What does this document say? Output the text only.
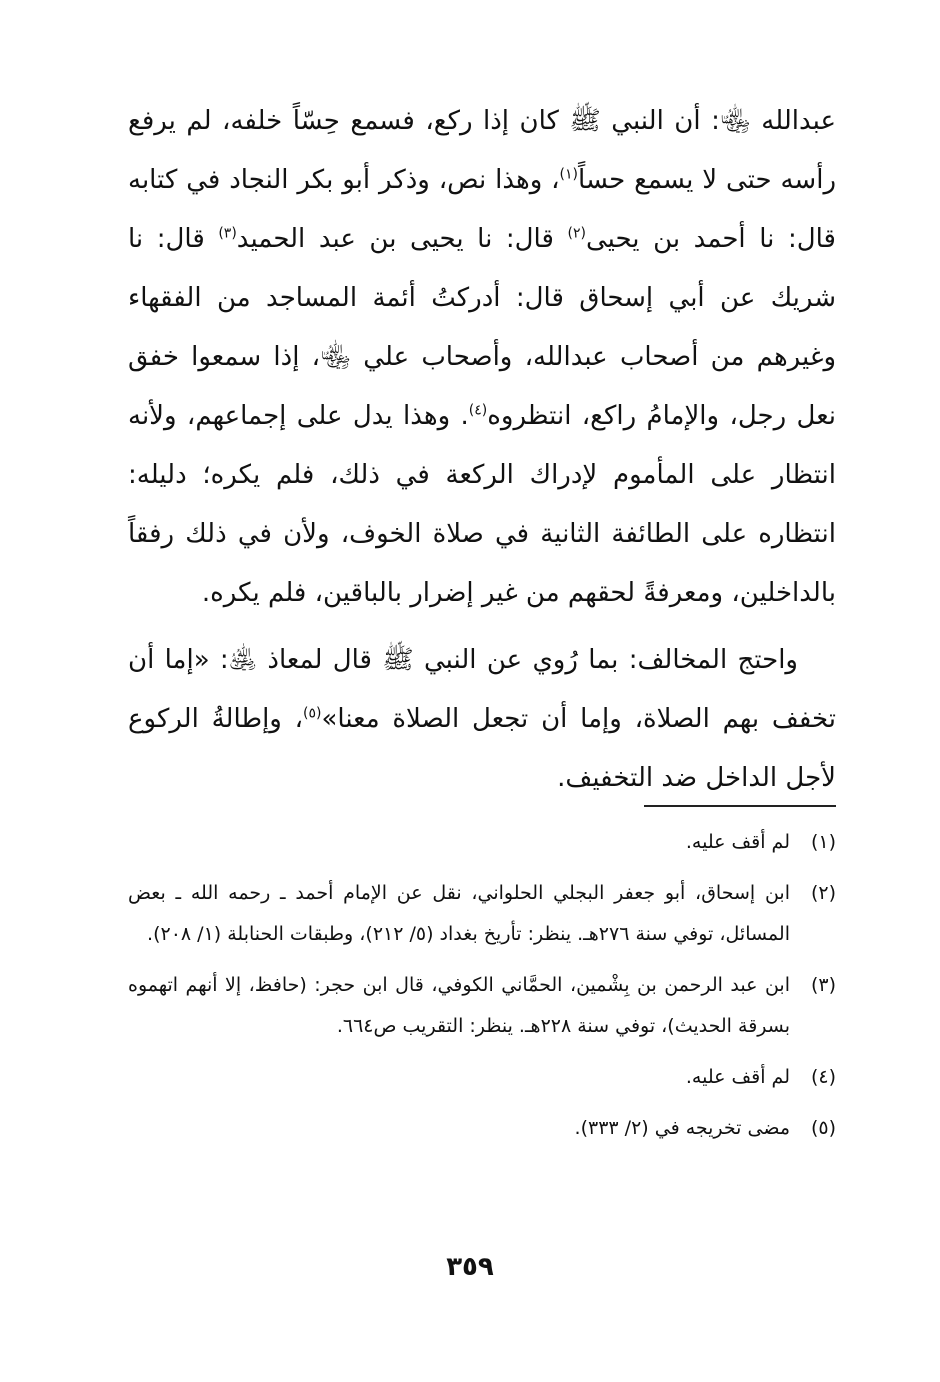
عبدالله ﵄: أن النبي ﷺ كان إذا ركع، فسمع حِسّاً خلفه، لم يرفع رأسه حتى لا يسمع حساً$^{(١)}$، وهذا نص، وذكر أبو بكر النجاد في كتابه قال: نا أحمد بن يحيى$^{(٢)}$ قال: نا يحيى بن عبد الحميد$^{(٣)}$ قال: نا شريك عن أبي إسحاق قال: أدركتُ أئمة المساجد من الفقهاء وغيرهم من أصحاب عبدالله، وأصحاب علي ﵄، إذا سمعوا خفق نعل رجل، والإمامُ راكع، انتظروه$^{(٤)}$. وهذا يدل على إجماعهم، ولأنه انتظار على المأموم لإدراك الركعة في ذلك، فلم يكره؛ دليله: انتظاره على الطائفة الثانية في صلاة الخوف، ولأن في ذلك رفقاً بالداخلين، ومعرفةً لحقهم من غير إضرار بالباقين، فلم يكره.

واحتج المخالف: بما رُوي عن النبي ﷺ قال لمعاذ ﵁: «إما أن تخفف بهم الصلاة، وإما أن تجعل الصلاة معنا»$^{(٥)}$، وإطالةُ الركوع لأجل الداخل ضد التخفيف.

(١)
لم أقف عليه.
(٢)
ابن إسحاق، أبو جعفر البجلي الحلواني، نقل عن الإمام أحمد ـ رحمه الله ـ بعض المسائل، توفي سنة ٢٧٦هـ. ينظر: تأريخ بغداد (٥/ ٢١٢)، وطبقات الحنابلة (١/ ٢٠٨).
(٣)
ابن عبد الرحمن بن بِشْمين، الحمَّاني الكوفي، قال ابن حجر: (حافظ، إلا أنهم اتهموه بسرقة الحديث)، توفي سنة ٢٢٨هـ. ينظر: التقريب ص٦٦٤.
(٤)
لم أقف عليه.
(٥)
مضى تخريجه في (٢/ ٣٣٣).
٣٥٩
